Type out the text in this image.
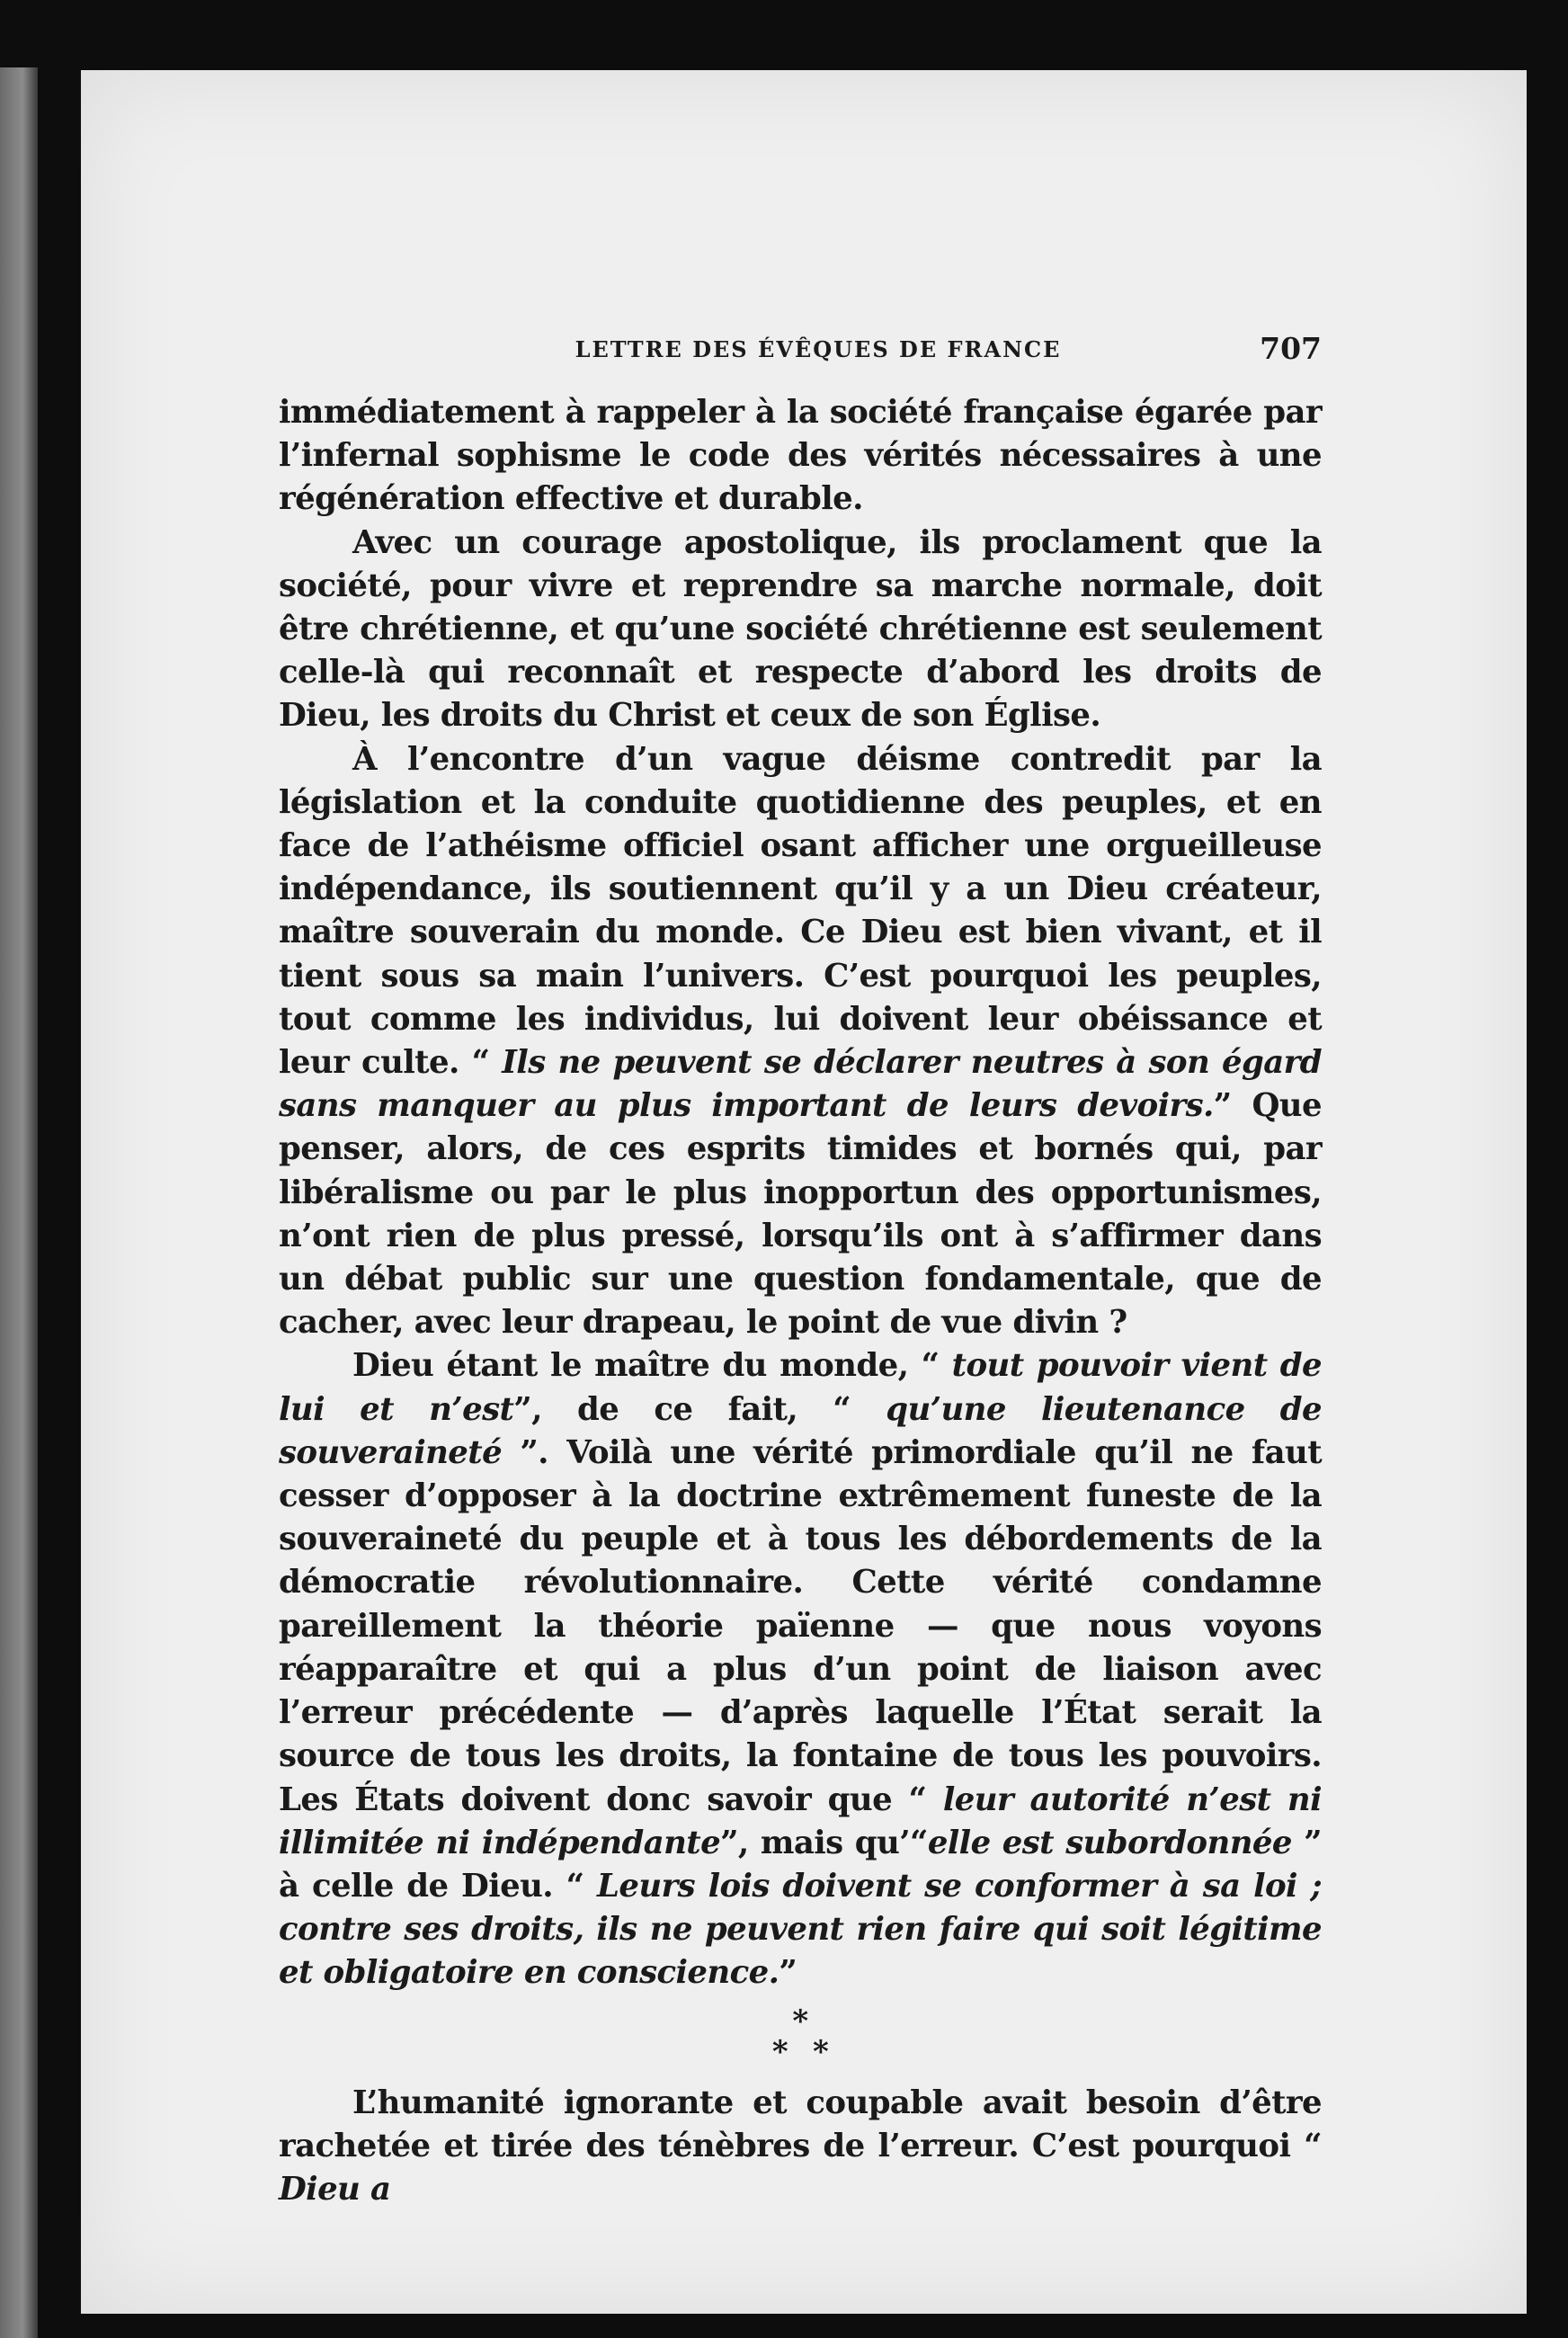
LETTRE DES ÉVÊQUES DE FRANCE	707

immédiatement à rappeler à la société française égarée par l’infernal sophisme le code des vérités nécessaires à une régénération effective et durable.

Avec un courage apostolique, ils proclament que la société, pour vivre et reprendre sa marche normale, doit être chrétienne, et qu’une société chrétienne est seulement celle-là qui reconnaît et respecte d’abord les droits de Dieu, les droits du Christ et ceux de son Église.

À l’encontre d’un vague déisme contredit par la législation et la conduite quotidienne des peuples, et en face de l’athéisme officiel osant afficher une orgueilleuse indépendance, ils soutiennent qu’il y a un Dieu créateur, maître souverain du monde. Ce Dieu est bien vivant, et il tient sous sa main l’univers. C’est pourquoi les peuples, tout comme les individus, lui doivent leur obéissance et leur culte. “ Ils ne peuvent se déclarer neutres à son égard sans manquer au plus important de leurs devoirs.” Que penser, alors, de ces esprits timides et bornés qui, par libéralisme ou par le plus inopportun des opportunismes, n’ont rien de plus pressé, lorsqu’ils ont à s’affirmer dans un débat public sur une question fondamentale, que de cacher, avec leur drapeau, le point de vue divin ?

Dieu étant le maître du monde, “ tout pouvoir vient de lui et n’est”, de ce fait, “ qu’une lieutenance de souveraineté ”. Voilà une vérité primordiale qu’il ne faut cesser d’opposer à la doctrine extrêmement funeste de la souveraineté du peuple et à tous les débordements de la démocratie révolutionnaire. Cette vérité condamne pareillement la théorie païenne — que nous voyons réapparaître et qui a plus d’un point de liaison avec l’erreur précédente — d’après laquelle l’État serait la source de tous les droits, la fontaine de tous les pouvoirs. Les États doivent donc savoir que “ leur autorité n’est ni illimitée ni indépendante”, mais qu’“elle est subordonnée ” à celle de Dieu. “ Leurs lois doivent se conformer à sa loi ; contre ses droits, ils ne peuvent rien faire qui soit légitime et obligatoire en conscience.”

*
* *

L’humanité ignorante et coupable avait besoin d’être rachetée et tirée des ténèbres de l’erreur. C’est pourquoi “ Dieu a
